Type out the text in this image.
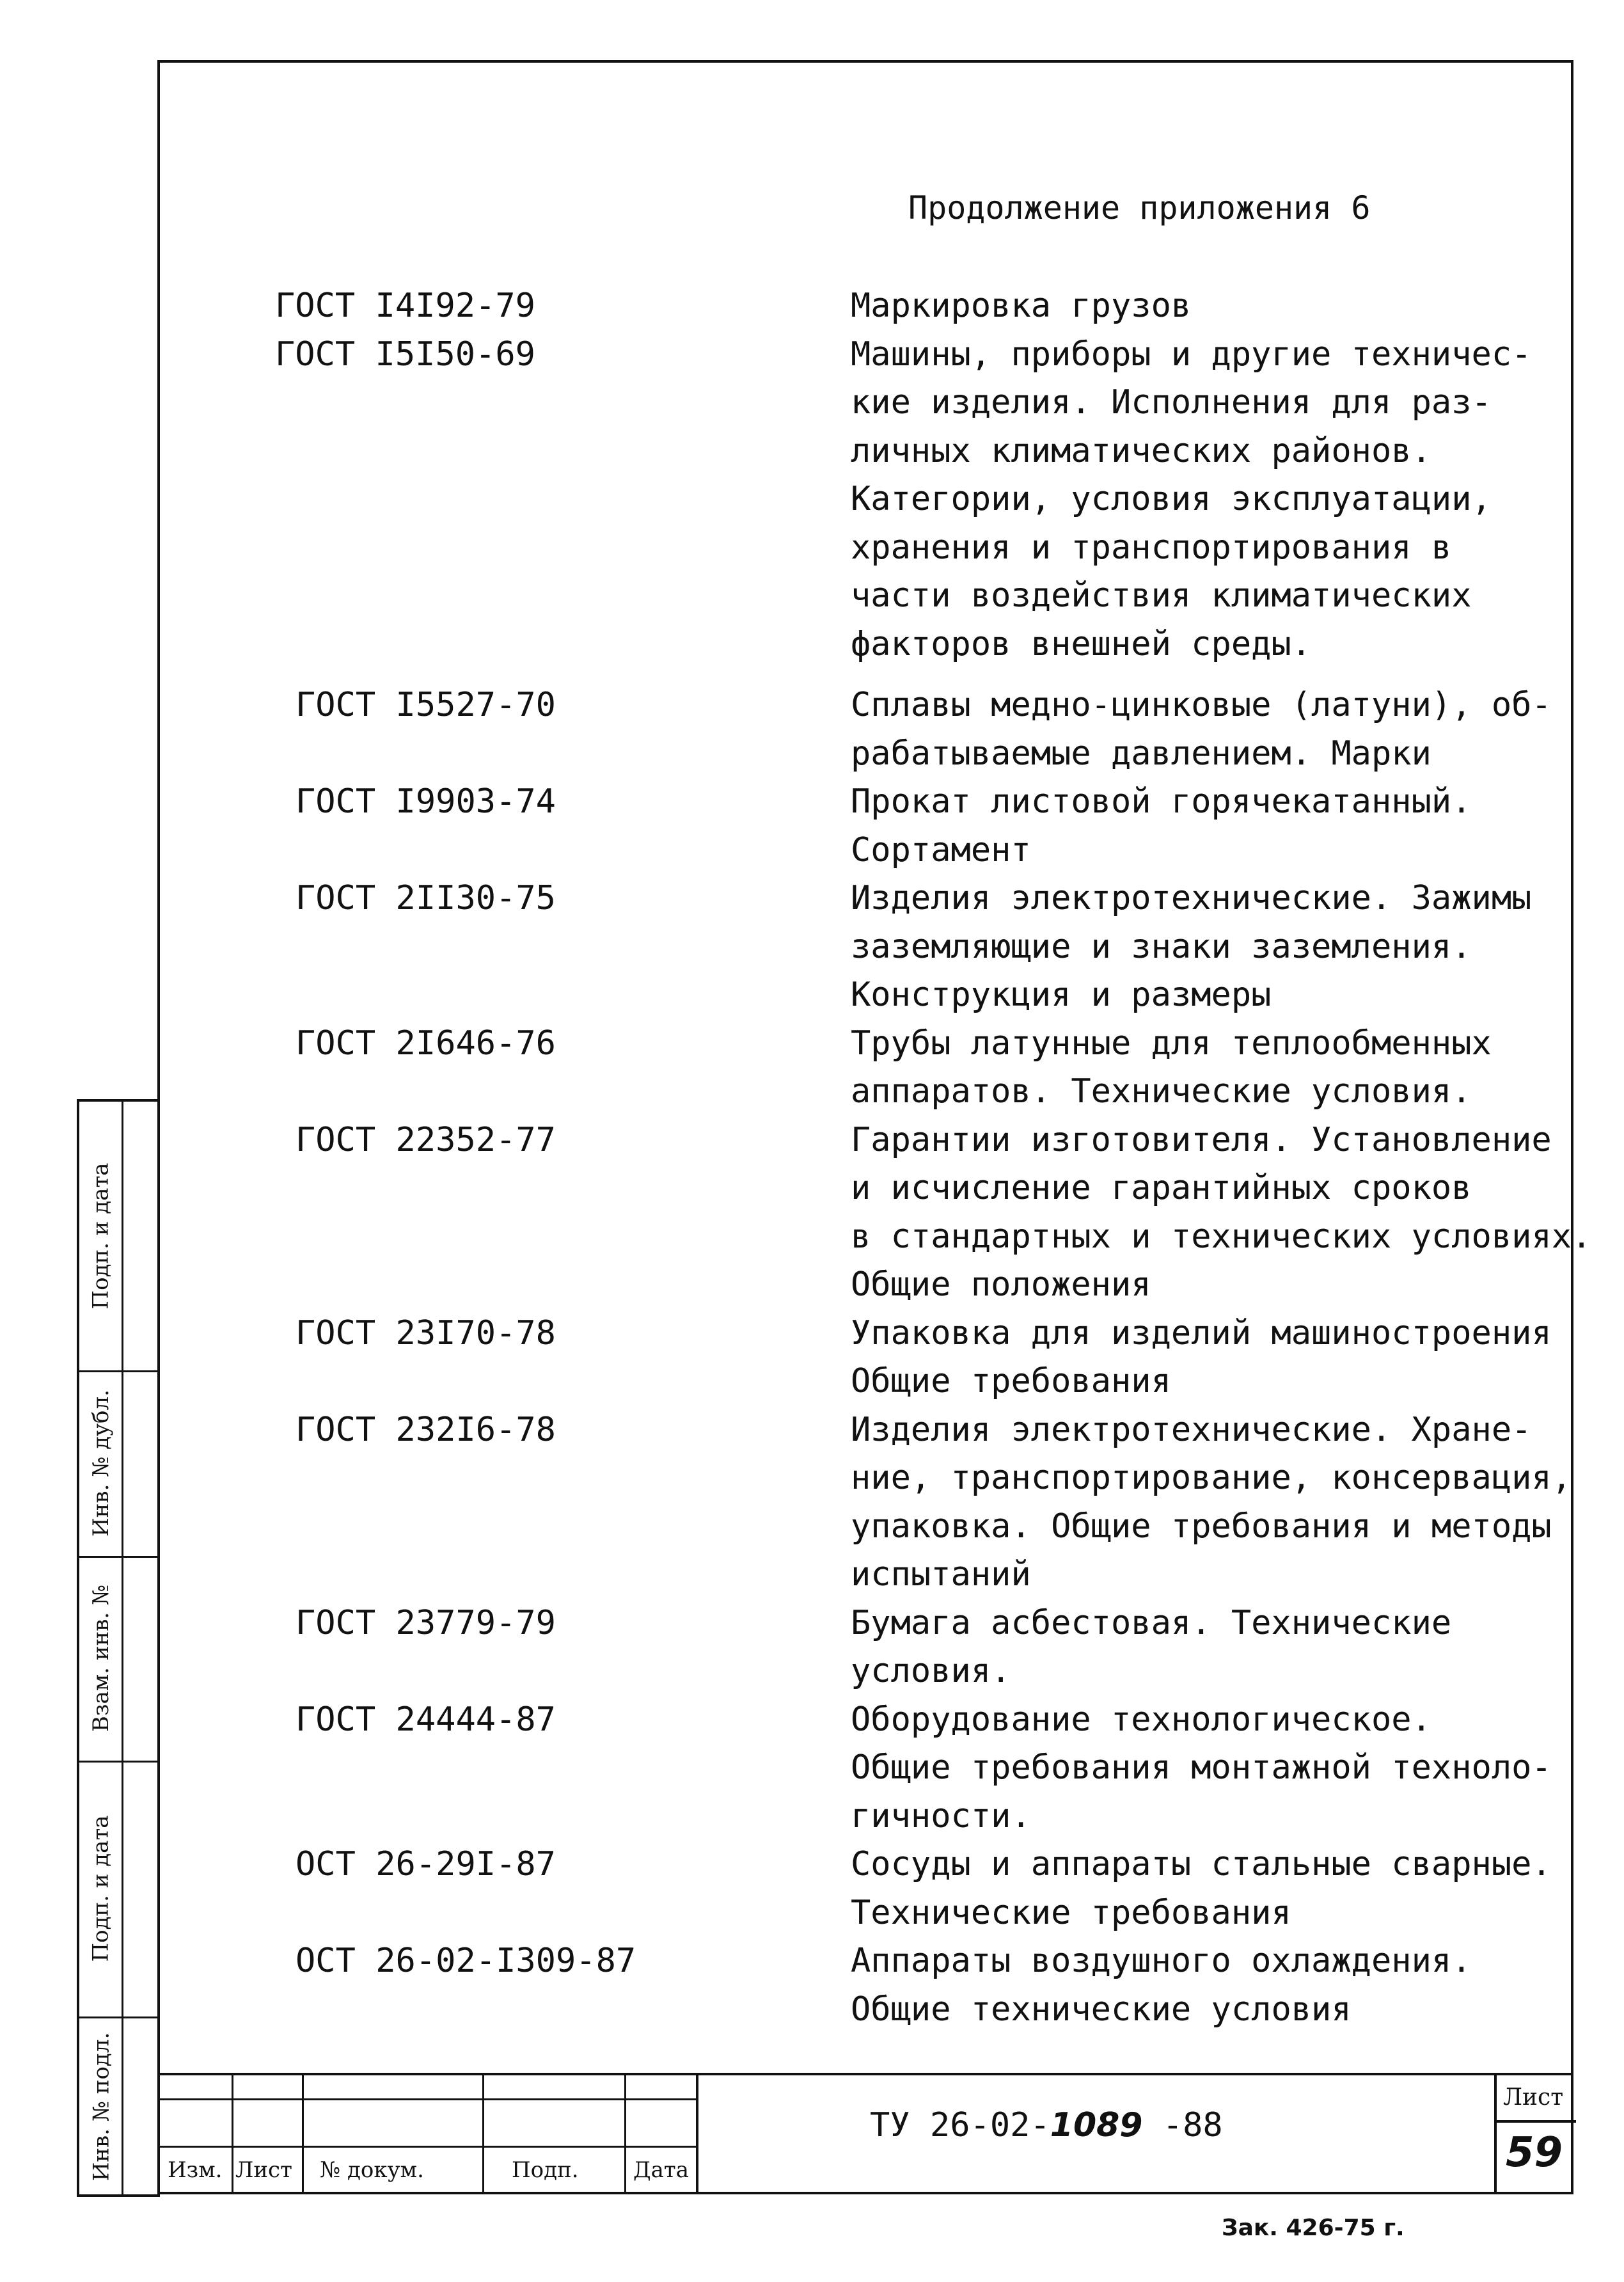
Продолжение приложения 6
ГОСТ I4I92-79	Маркировка грузов
ГОСТ I5I50-69	Машины, приборы и другие техничес-
кие изделия. Исполнения для раз-
личных климатических районов.
Категории, условия эксплуатации,
хранения и транспортирования в
части воздействия климатических
факторов внешней среды.
ГОСТ I5527-70	Сплавы медно-цинковые (латуни), об-
рабатываемые давлением. Марки
ГОСТ I9903-74	Прокат листовой горячекатанный.
Сортамент
ГОСТ 2II30-75	Изделия электротехнические. Зажимы
заземляющие и знаки заземления.
Конструкция и размеры
ГОСТ 2I646-76	Трубы латунные для теплообменных
аппаратов. Технические условия.
ГОСТ 22352-77	Гарантии изготовителя. Установление
и исчисление гарантийных сроков
в стандартных и технических условиях.
Общие положения
ГОСТ 23I70-78	Упаковка для изделий машиностроения
Общие требования
ГОСТ 232I6-78	Изделия электротехнические. Хране-
ние, транспортирование, консервация,
упаковка. Общие требования и методы
испытаний
ГОСТ 23779-79	Бумага асбестовая. Технические
условия.
ГОСТ 24444-87	Оборудование технологическое.
Общие требования монтажной техноло-
гичности.
ОСТ 26-29I-87	Сосуды и аппараты стальные сварные.
Технические требования
ОСТ 26-02-I309-87	Аппараты воздушного охлаждения.
Общие технические условия
Подп. и дата
Инв. № дубл.
Взам. инв. №
Подп. и дата
Инв. № подл. Изм. Лист № докум.	Подп.	Дата
ТУ 26-02-1089 -88
Лист
59
Зак. 426-75 г.
